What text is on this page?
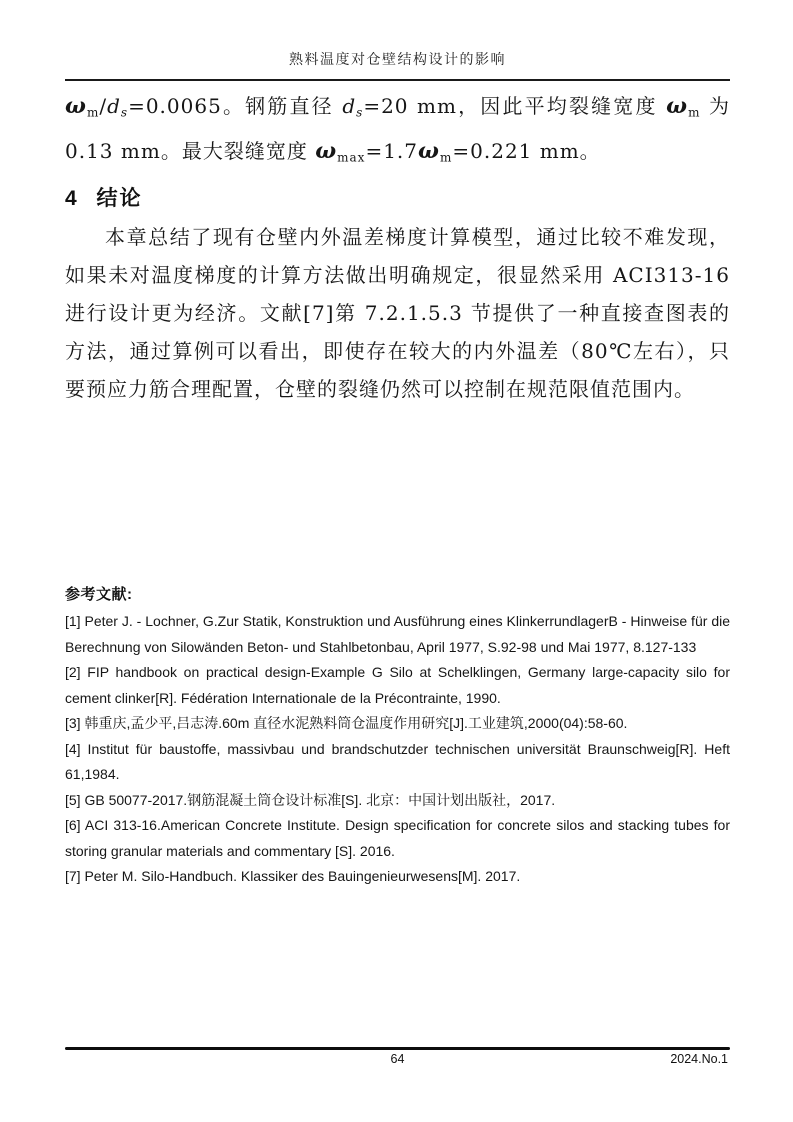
熟料温度对仓壁结构设计的影响

ωm/ds=0.0065。钢筋直径 ds=20 mm，因此平均裂缝宽度 ωm 为 0.13 mm。最大裂缝宽度 ωmax=1.7ωm=0.221 mm。

4 结论

本章总结了现有仓壁内外温差梯度计算模型，通过比较不难发现，如果未对温度梯度的计算方法做出明确规定，很显然采用 ACI313-16 进行设计更为经济。文献[7]第 7.2.1.5.3 节提供了一种直接查图表的方法，通过算例可以看出，即使存在较大的内外温差（80℃左右），只要预应力筋合理配置，仓壁的裂缝仍然可以控制在规范限值范围内。

参考文献:

[1] Peter J. - Lochner, G.Zur Statik, Konstruktion und Ausführung eines KlinkerrundlagerB - Hinweise für die Berechnung von Silowänden Beton- und Stahlbetonbau, April 1977, S.92-98 und Mai 1977, 8.127-133

[2] FIP handbook on practical design-Example G Silo at Schelklingen, Germany large-capacity silo for cement clinker[R]. Fédération Internationale de la Précontrainte, 1990.

[3] 韩重庆,孟少平,吕志涛.60m 直径水泥熟料筒仓温度作用研究[J].工业建筑,2000(04):58-60.

[4] Institut für baustoffe, massivbau und brandschutzder technischen universität Braunschweig[R]. Heft 61,1984.

[5] GB 50077-2017.钢筋混凝土筒仓设计标准[S]. 北京：中国计划出版社，2017.

[6] ACI 313-16.American Concrete Institute. Design specification for concrete silos and stacking tubes for storing granular materials and commentary [S]. 2016.

[7] Peter M. Silo-Handbuch. Klassiker des Bauingenieurwesens[M]. 2017.

64	2024.No.1
